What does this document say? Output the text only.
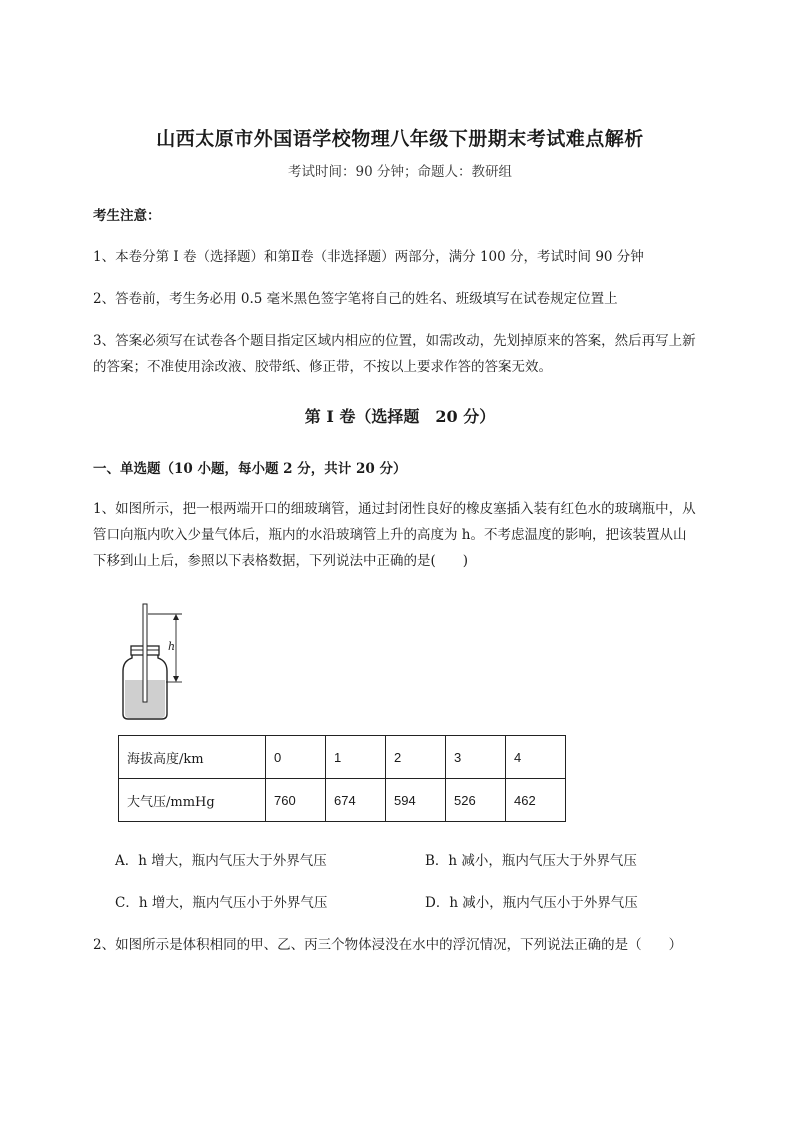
山西太原市外国语学校物理八年级下册期末考试难点解析
考试时间：90 分钟；命题人：教研组
考生注意：
1、本卷分第 I 卷（选择题）和第Ⅱ卷（非选择题）两部分，满分 100 分，考试时间 90 分钟
2、答卷前，考生务必用 0.5 毫米黑色签字笔将自己的姓名、班级填写在试卷规定位置上
3、答案必须写在试卷各个题目指定区域内相应的位置，如需改动，先划掉原来的答案，然后再写上新
的答案；不准使用涂改液、胶带纸、修正带，不按以上要求作答的答案无效。
第 I 卷（选择题　20 分）
一、单选题（10 小题，每小题 2 分，共计 20 分）
1、如图所示，把一根两端开口的细玻璃管，通过封闭性良好的橡皮塞插入装有红色水的玻璃瓶中，从
管口向瓶内吹入少量气体后，瓶内的水沿玻璃管上升的高度为 h。不考虑温度的影响，把该装置从山
下移到山上后，参照以下表格数据，下列说法中正确的是(　　)
h
海拔高度/km	0	1	2	3	4
大气压/mmHg	760	674	594	526	462
A．h 增大，瓶内气压大于外界气压	B．h 减小，瓶内气压大于外界气压
C．h 增大，瓶内气压小于外界气压	D．h 减小，瓶内气压小于外界气压
2、如图所示是体积相同的甲、乙、丙三个物体浸没在水中的浮沉情况，下列说法正确的是（　　）
